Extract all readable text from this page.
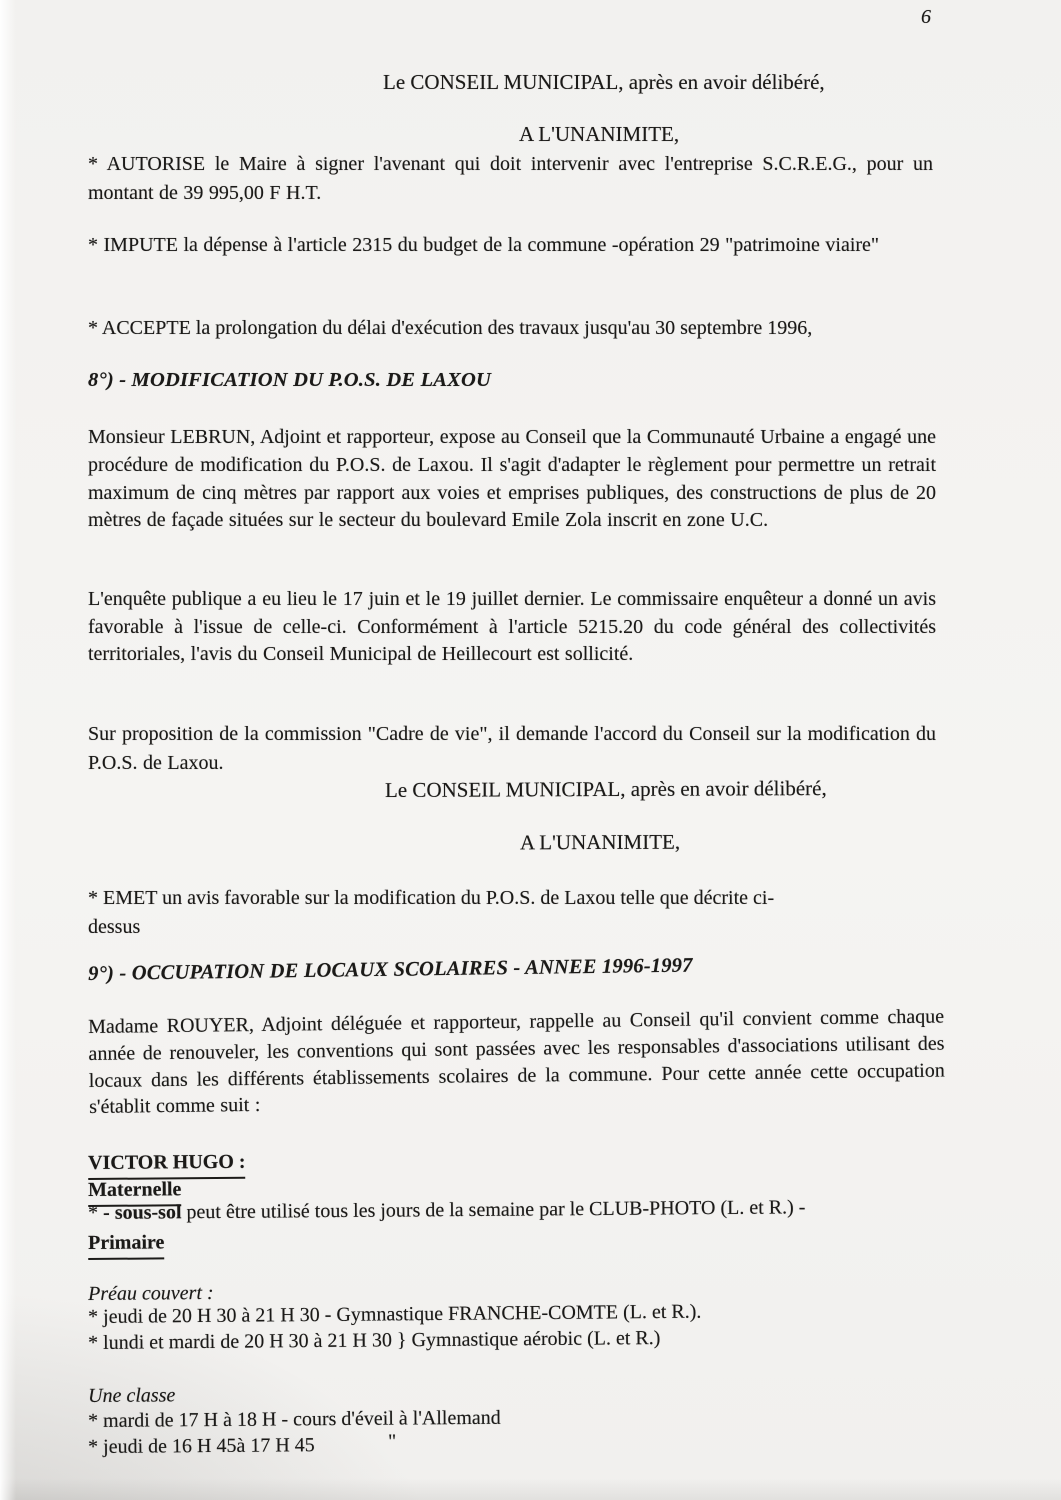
6
Le CONSEIL MUNICIPAL, après en avoir délibéré,
A L'UNANIMITE,
* AUTORISE le Maire à signer l'avenant qui doit intervenir avec l'entreprise S.C.R.E.G., pour un montant de 39 995,00 F H.T.
* IMPUTE la dépense à l'article 2315 du budget de la commune -opération 29 "patrimoine viaire"
* ACCEPTE la prolongation du délai d'exécution des travaux jusqu'au 30 septembre 1996,
8°) - MODIFICATION DU P.O.S. DE LAXOU
Monsieur LEBRUN, Adjoint et rapporteur, expose au Conseil que la Communauté Urbaine a engagé une procédure de modification du P.O.S. de Laxou. Il s'agit d'adapter le règlement pour permettre un retrait maximum de cinq mètres par rapport aux voies et emprises publiques, des constructions de plus de 20 mètres de façade situées sur le secteur du boulevard Emile Zola inscrit en zone U.C.
L'enquête publique a eu lieu le 17 juin et le 19 juillet dernier. Le commissaire enquêteur a donné un avis favorable à l'issue de celle-ci. Conformément à l'article 5215.20 du code général des collectivités territoriales, l'avis du Conseil Municipal de Heillecourt est sollicité.
Sur proposition de la commission "Cadre de vie", il demande l'accord du Conseil sur la modification du P.O.S. de Laxou.
Le CONSEIL MUNICIPAL, après en avoir délibéré,
A L'UNANIMITE,
* EMET un avis favorable sur la modification du P.O.S. de Laxou telle que décrite ci-
dessus
9°) - OCCUPATION DE LOCAUX SCOLAIRES - ANNEE 1996-1997
Madame ROUYER, Adjoint déléguée et rapporteur, rappelle au Conseil qu'il convient comme chaque année de renouveler, les conventions qui sont passées avec les responsables d'associations utilisant des locaux dans les différents établissements scolaires de la commune. Pour cette année cette occupation s'établit comme suit :
VICTOR HUGO :
Maternelle
* - sous-sol peut être utilisé tous les jours de la semaine par le CLUB-PHOTO (L. et R.) -
Primaire
Préau couvert :
* jeudi de 20 H 30 à 21 H 30 - Gymnastique FRANCHE-COMTE (L. et R.).
* lundi et mardi de 20 H 30 à 21 H 30 } Gymnastique aérobic (L. et R.)
Une classe
* mardi de 17 H à 18 H - cours d'éveil à l'Allemand
* jeudi de 16 H 45à 17 H 45	"
